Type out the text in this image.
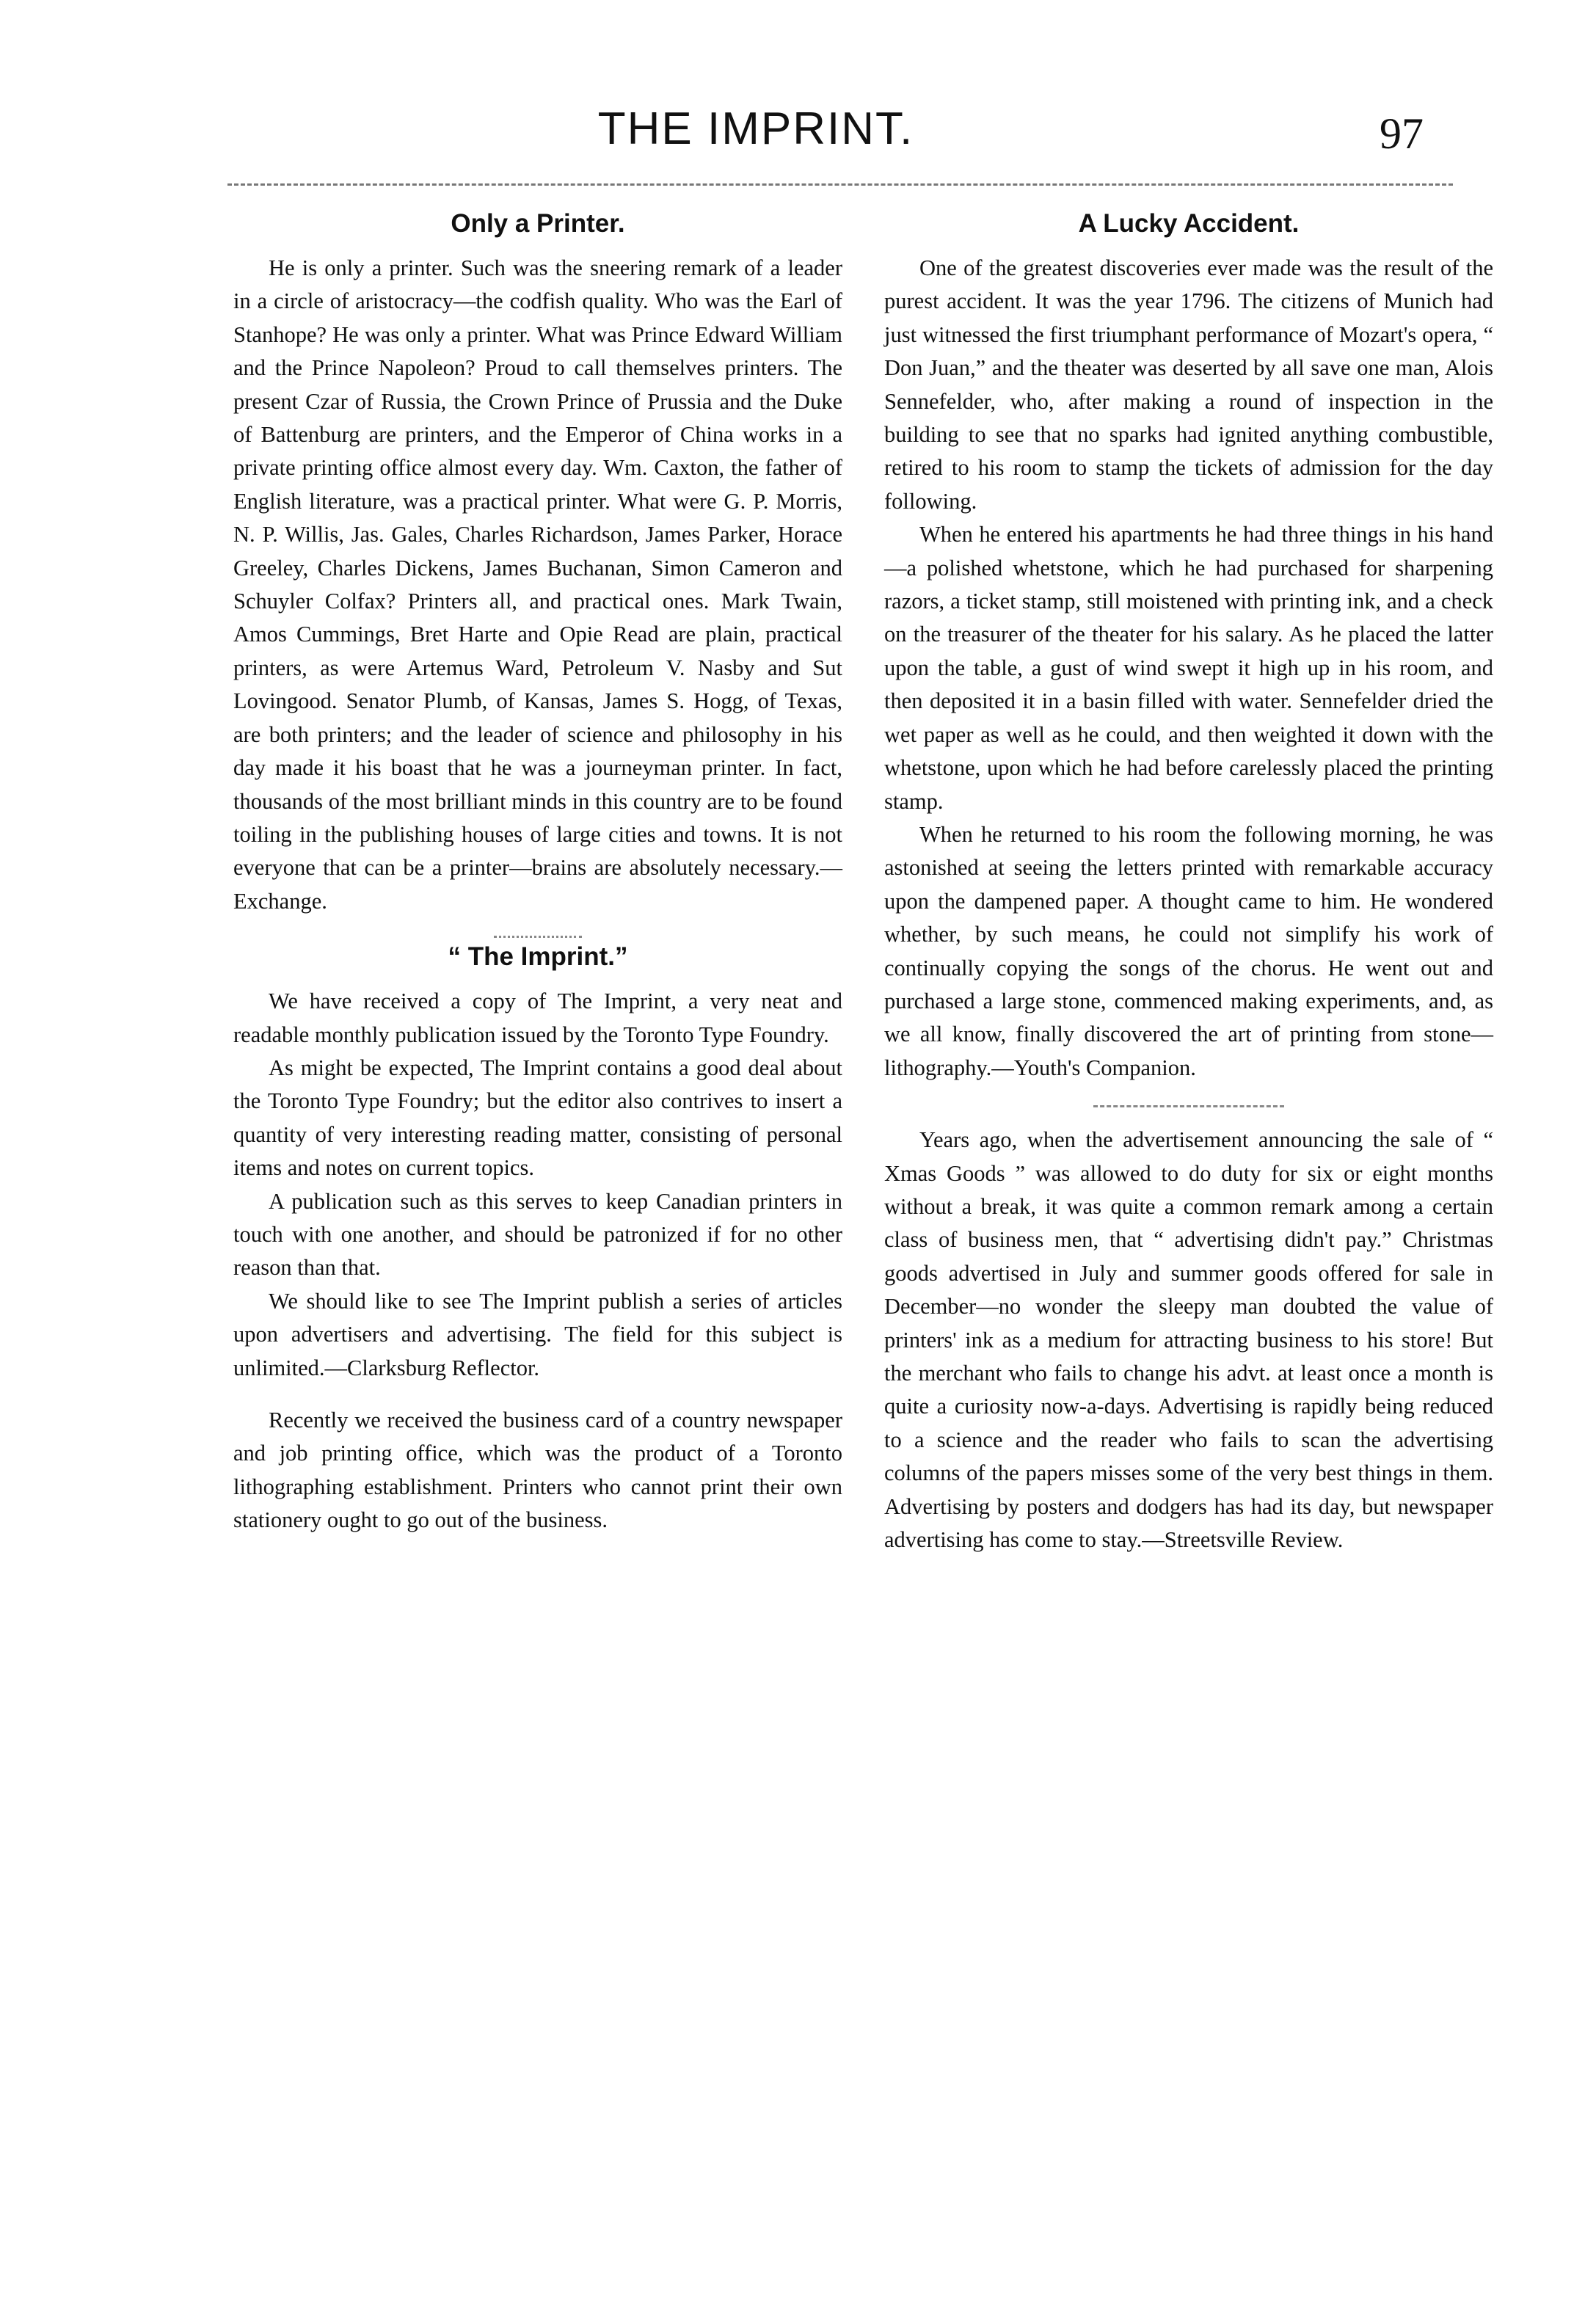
THE IMPRINT.	97
Only a Printer.

He is only a printer. Such was the sneering remark of a leader in a circle of aristocracy—the codfish quality. Who was the Earl of Stanhope? He was only a printer. What was Prince Edward William and the Prince Napoleon? Proud to call themselves printers. The present Czar of Russia, the Crown Prince of Prussia and the Duke of Battenburg are printers, and the Emperor of China works in a private printing office almost every day. Wm. Caxton, the father of English literature, was a practical printer. What were G. P. Morris, N. P. Willis, Jas. Gales, Charles Richardson, James Parker, Horace Greeley, Charles Dickens, James Buchanan, Simon Cameron and Schuyler Colfax? Printers all, and practical ones. Mark Twain, Amos Cummings, Bret Harte and Opie Read are plain, practical printers, as were Artemus Ward, Petroleum V. Nasby and Sut Lovingood. Senator Plumb, of Kansas, James S. Hogg, of Texas, are both printers; and the leader of science and philosophy in his day made it his boast that he was a journeyman printer. In fact, thousands of the most brilliant minds in this country are to be found toiling in the publishing houses of large cities and towns. It is not everyone that can be a printer—brains are absolutely necessary.—Exchange.

“ The Imprint.”

We have received a copy of The Imprint, a very neat and readable monthly publication issued by the Toronto Type Foundry.

As might be expected, The Imprint contains a good deal about the Toronto Type Foundry; but the editor also contrives to insert a quantity of very interesting reading matter, consisting of personal items and notes on current topics.

A publication such as this serves to keep Canadian printers in touch with one another, and should be patronized if for no other reason than that.

We should like to see The Imprint publish a series of articles upon advertisers and advertising. The field for this subject is unlimited.—Clarksburg Reflector.

Recently we received the business card of a country newspaper and job printing office, which was the product of a Toronto lithographing establishment. Printers who cannot print their own stationery ought to go out of the business.

A Lucky Accident.

One of the greatest discoveries ever made was the result of the purest accident. It was the year 1796. The citizens of Munich had just witnessed the first triumphant performance of Mozart's opera, “ Don Juan,” and the theater was deserted by all save one man, Alois Sennefelder, who, after making a round of inspection in the building to see that no sparks had ignited anything combustible, retired to his room to stamp the tickets of admission for the day following.

When he entered his apartments he had three things in his hand—a polished whetstone, which he had purchased for sharpening razors, a ticket stamp, still moistened with printing ink, and a check on the treasurer of the theater for his salary. As he placed the latter upon the table, a gust of wind swept it high up in his room, and then deposited it in a basin filled with water. Sennefelder dried the wet paper as well as he could, and then weighted it down with the whetstone, upon which he had before carelessly placed the printing stamp.

When he returned to his room the following morning, he was astonished at seeing the letters printed with remarkable accuracy upon the dampened paper. A thought came to him. He wondered whether, by such means, he could not simplify his work of continually copying the songs of the chorus. He went out and purchased a large stone, commenced making experiments, and, as we all know, finally discovered the art of printing from stone—lithography.—Youth's Companion.

Years ago, when the advertisement announcing the sale of “ Xmas Goods ” was allowed to do duty for six or eight months without a break, it was quite a common remark among a certain class of business men, that “ advertising didn't pay.” Christmas goods advertised in July and summer goods offered for sale in December—no wonder the sleepy man doubted the value of printers' ink as a medium for attracting business to his store! But the merchant who fails to change his advt. at least once a month is quite a curiosity now-a-days. Advertising is rapidly being reduced to a science and the reader who fails to scan the advertising columns of the papers misses some of the very best things in them. Advertising by posters and dodgers has had its day, but newspaper advertising has come to stay.—Streetsville Review.
